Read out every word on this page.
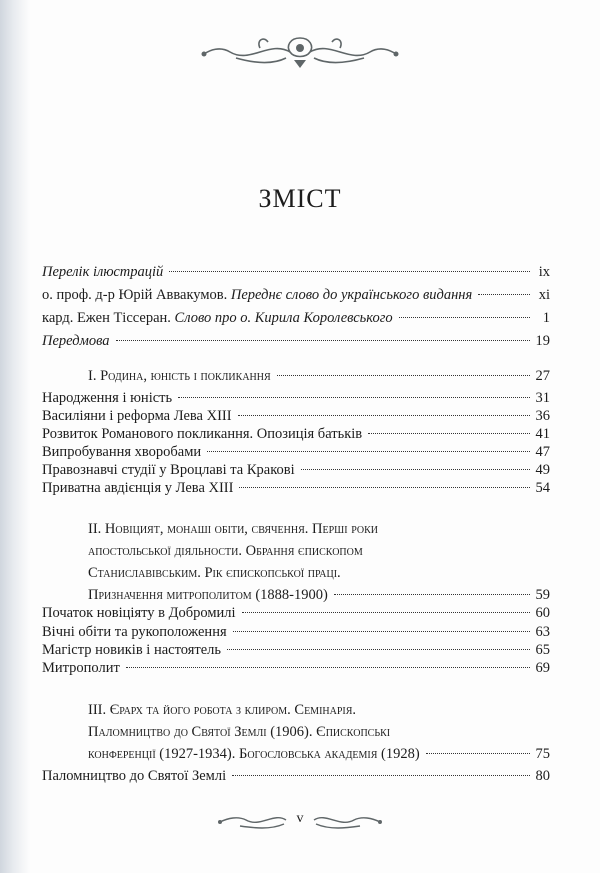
ЗМІСТ
Перелік ілюстрацій	ix
о. проф. д-р Юрій Аввакумов. Переднє слово до українського видання	xi
кард. Ежен Тіссеран. Слово про о. Кирила Королевського	1
Передмова	19
I. Родина, юність і покликання	27
Народження і юність	31
Василіяни і реформа Лева XIII	36
Розвиток Романового покликання. Опозиція батьків	41
Випробування хворобами	47
Правознавчі студії у Вроцлаві та Кракові	49
Приватна авдієнція у Лева XIII	54
II. Новіцият, монаші обіти, свячення. Перші роки
апостольської діяльности. Обрання єпископом
Станиславівським. Рік єпископської праці.
Призначення митрополитом (1888-1900)	59
Початок новіціяту в Добромилі	60
Вічні обіти та рукоположення	63
Магістр новиків і настоятель	65
Митрополит	69
III. Єрарх та його робота з клиром. Семінарія.
Паломництво до Святої Землі (1906). Єпископські
конференції (1927-1934). Богословська академія (1928)	75
Паломництво до Святої Землі	80
v
